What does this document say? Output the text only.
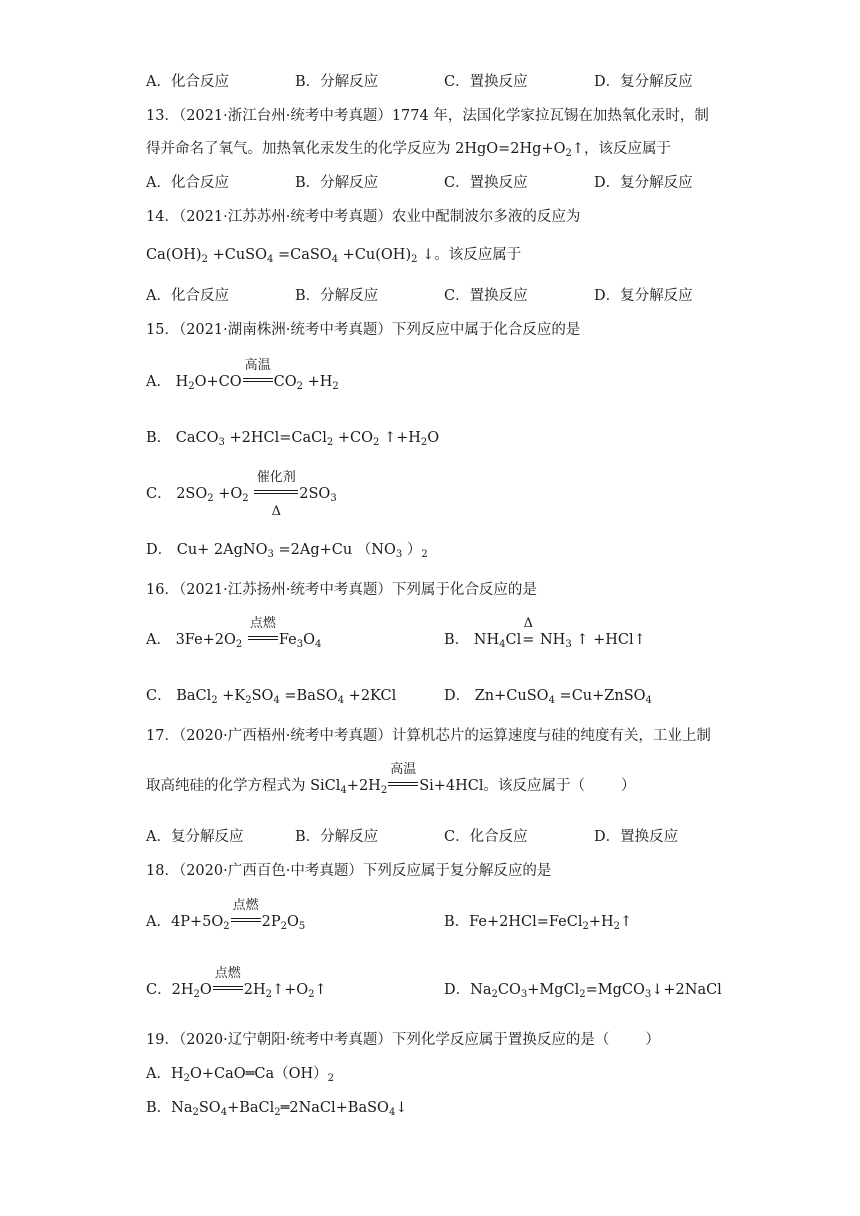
A．化合反应	B．分解反应	C．置换反应	D．复分解反应
13．（2021·浙江台州·统考中考真题）1774 年，法国化学家拉瓦锡在加热氧化汞时，制
得并命名了氧气。加热氧化汞发生的化学反应为 $2HgO=2Hg+O_2↑$，该反应属于
A．化合反应	B．分解反应	C．置换反应	D．复分解反应
14．（2021·江苏苏州·统考中考真题）农业中配制波尔多液的反应为
$Ca(OH)_2$ +CuSO$_4$ =CaSO$_4$ $+Cu(OH)_2$ ↓。该反应属于
A．化合反应	B．分解反应	C．置换反应	D．复分解反应
15．（2021·湖南株洲·统考中考真题）下列反应中属于化合反应的是
A． $H_2O+CO$
高温
$CO_2 +H_2$
B． CaCO$_3$ +2HCl=CaCl$_2$ $+CO_2$ $↑+H_2O$
C． $2SO_2 +O_2$
催化剂
Δ
$2SO_3$
D． Cu+ 2AgNO$_3$ =2Ag+Cu （$NO_3$ ）$_2$
16．（2021·江苏扬州·统考中考真题）下列属于化合反应的是
A． $3Fe+2O_2$
点燃
$Fe_3O_4$	B． $NH_4Cl$
Δ
= $NH_3$ ↑ +HCl↑
C． BaCl$_2$ $+K_2SO_4$ =BaSO$_4$ +2KCl	D． Zn+CuSO$_4$ =Cu+ZnSO$_4$
17．（2020·广西梧州·统考中考真题）计算机芯片的运算速度与硅的纯度有关，工业上制
取高纯硅的化学方程式为 $SiCl_4+2H_2$
高温
Si+4HCl。该反应属于（ ）
A．复分解反应	B．分解反应	C．化合反应	D．置换反应
18．（2020·广西百色·中考真题）下列反应属于复分解反应的是
A．$4P+5O_2$
点燃
$2P_2O_5$	B．$Fe+2HCl=FeCl_2+H_2↑$
C．$2H_2O$
点燃
$2H_2↑+O_2↑$	D．$Na_2CO_3+MgCl_2=MgCO_3↓+2NaCl$
19．（2020·辽宁朝阳·统考中考真题）下列化学反应属于置换反应的是（ ）
A．$H_2O+CaO═Ca(OH)_2$
B．$Na_2SO_4+BaCl_2═2NaCl+BaSO_4↓$
